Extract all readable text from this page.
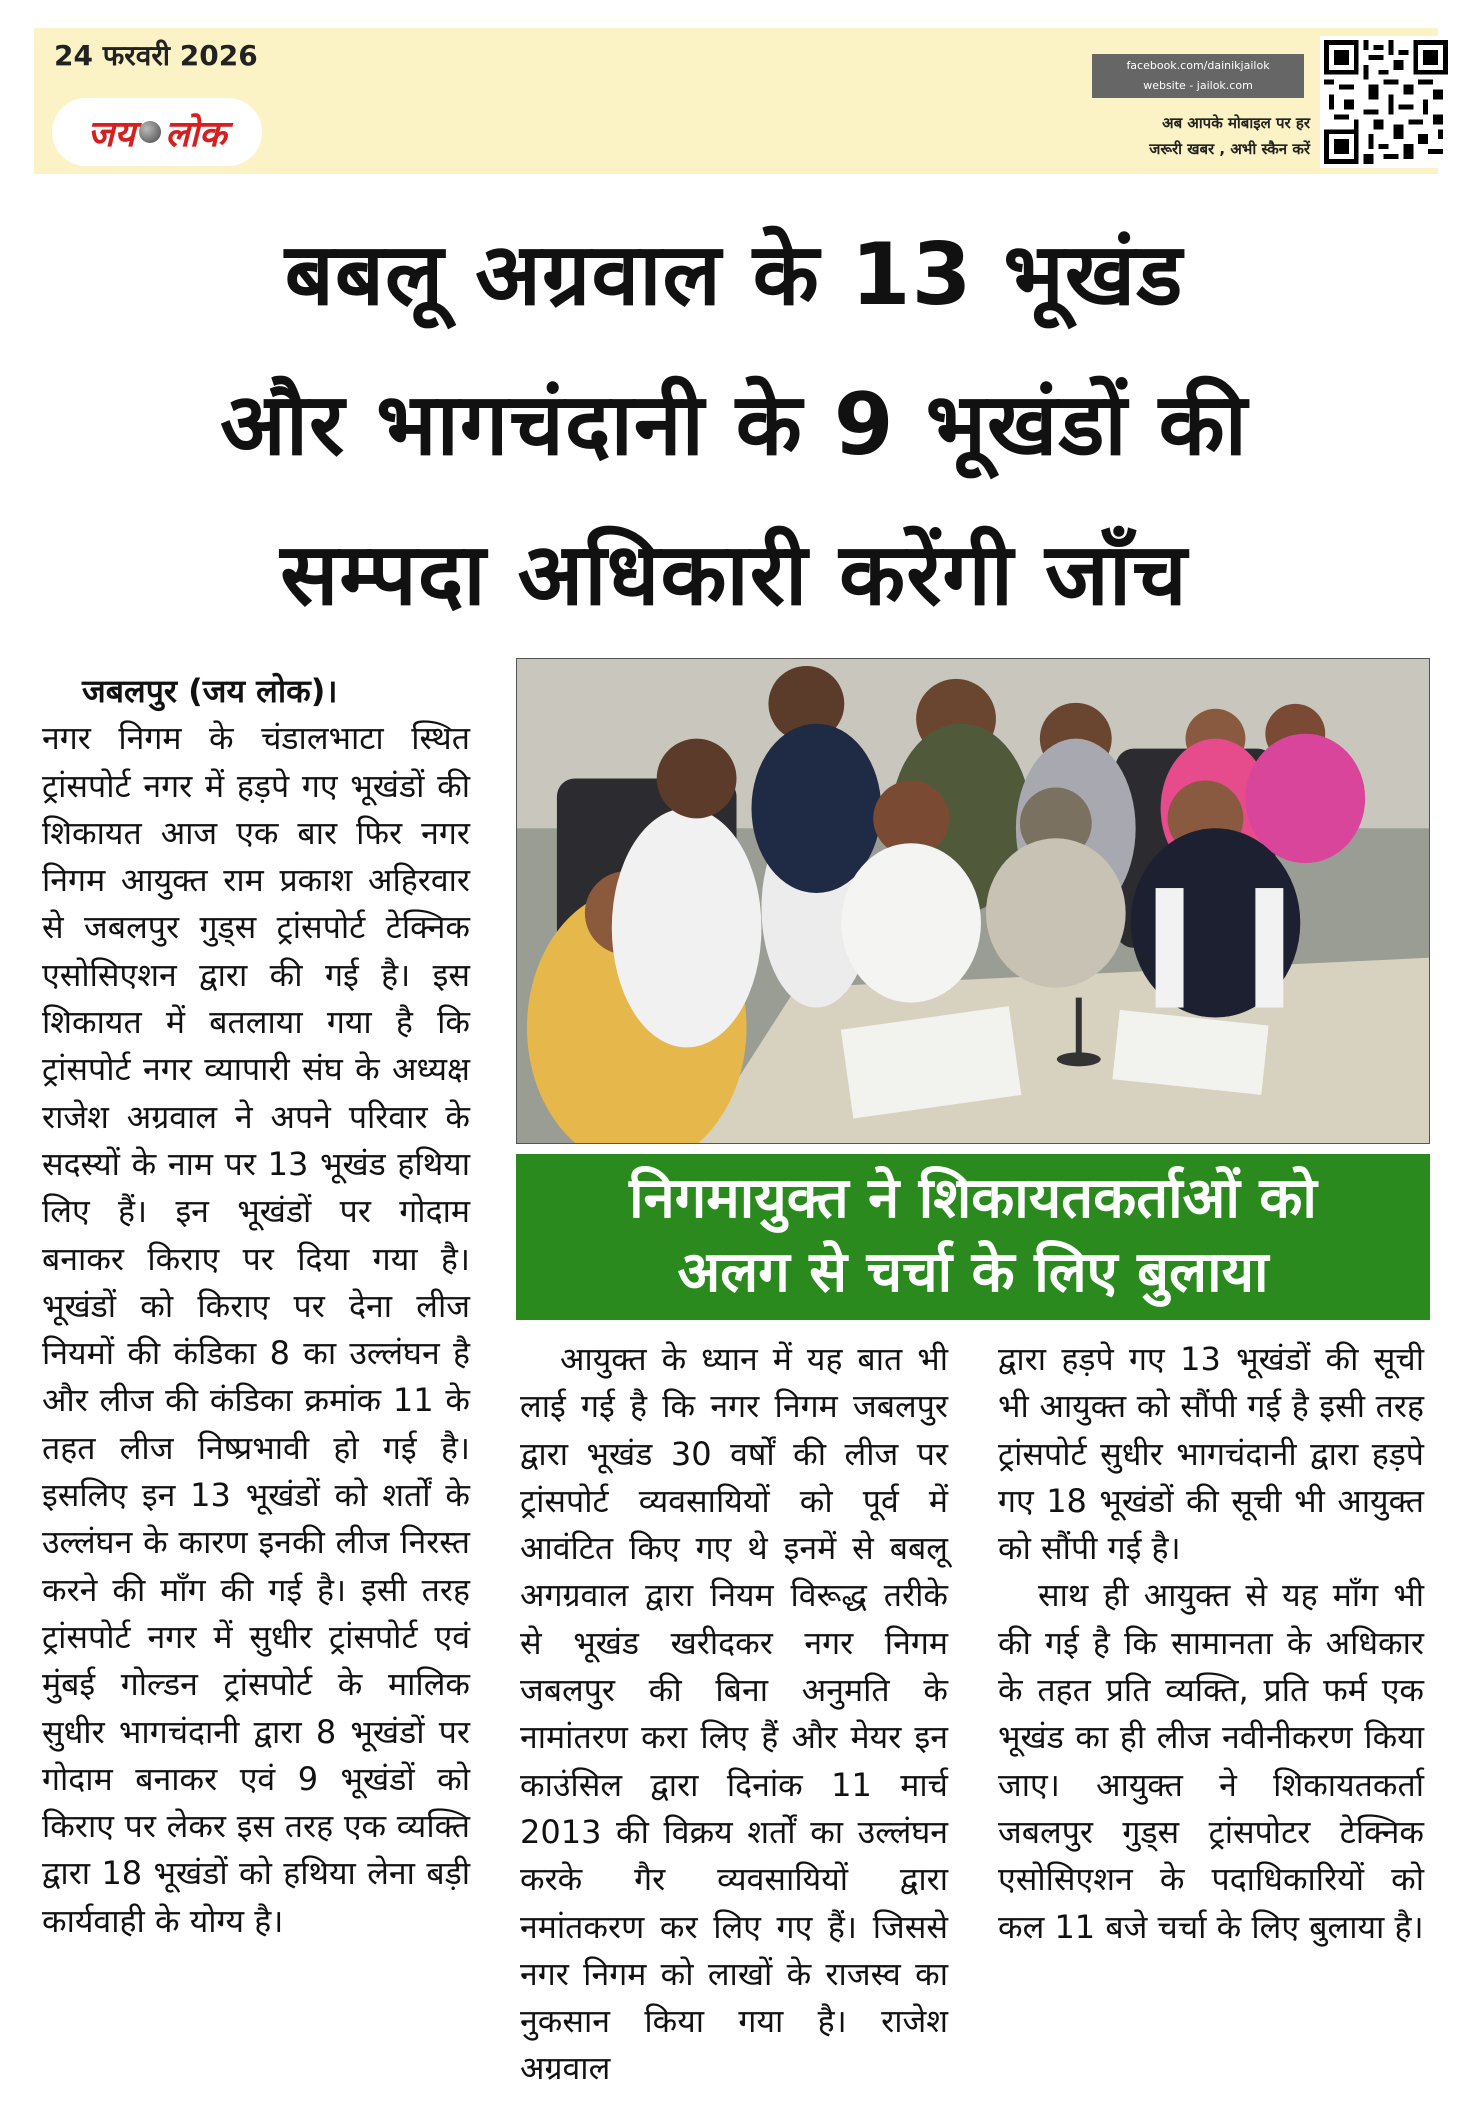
24 फरवरी 2026
जय लोक
facebook.com/dainikjailok
website - jailok.com
अब आपके मोबाइल पर हर
जरूरी खबर , अभी स्कैन करें
बबलू अग्रवाल के 13 भूखंड
और भागचंदानी के 9 भूखंडों की
सम्पदा अधिकारी करेंगी जाँच

जबलपुर (जय लोक)।
नगर निगम के चंडालभाटा स्थित ट्रांसपोर्ट नगर में हड़पे गए भूखंडों की शिकायत आज एक बार फिर नगर निगम आयुक्त राम प्रकाश अहिरवार से जबलपुर गुड्स ट्रांसपोर्ट टेक्निक एसोसिएशन द्वारा की गई है। इस शिकायत में बतलाया गया है कि ट्रांसपोर्ट नगर व्यापारी संघ के अध्यक्ष राजेश अग्रवाल ने अपने परिवार के सदस्यों के नाम पर 13 भूखंड हथिया लिए हैं। इन भूखंडों पर गोदाम बनाकर किराए पर दिया गया है। भूखंडों को किराए पर देना लीज नियमों की कंडिका 8 का उल्लंघन है और लीज की कंडिका क्रमांक 11 के तहत लीज निष्प्रभावी हो गई है। इसलिए इन 13 भूखंडों को शर्तों के उल्लंघन के कारण इनकी लीज निरस्त करने की माँग की गई है। इसी तरह ट्रांसपोर्ट नगर में सुधीर ट्रांसपोर्ट एवं मुंबई गोल्डन ट्रांसपोर्ट के मालिक सुधीर भागचंदानी द्वारा 8 भूखंडों पर गोदाम बनाकर एवं 9 भूखंडों को किराए पर लेकर इस तरह एक व्यक्ति द्वारा 18 भूखंडों को हथिया लेना बड़ी कार्यवाही के योग्य है।

निगमायुक्त ने शिकायतकर्ताओं को
अलग से चर्चा के लिए बुलाया

आयुक्त के ध्यान में यह बात भी लाई गई है कि नगर निगम जबलपुर द्वारा भूखंड 30 वर्षों की लीज पर ट्रांसपोर्ट व्यवसायियों को पूर्व में आवंटित किए गए थे इनमें से बबलू अगग्रवाल द्वारा नियम विरूद्ध तरीके से भूखंड खरीदकर नगर निगम जबलपुर की बिना अनुमति के नामांतरण करा लिए हैं और मेयर इन काउंसिल द्वारा दिनांक 11 मार्च 2013 की विक्रय शर्तों का उल्लंघन करके गैर व्यवसायियों द्वारा नमांतकरण कर लिए गए हैं। जिससे नगर निगम को लाखों के राजस्व का नुकसान किया गया है। राजेश अग्रवाल

द्वारा हड़पे गए 13 भूखंडों की सूची भी आयुक्त को सौंपी गई है इसी तरह ट्रांसपोर्ट सुधीर भागचंदानी द्वारा हड़पे गए 18 भूखंडों की सूची भी आयुक्त को सौंपी गई है।
साथ ही आयुक्त से यह माँग भी की गई है कि सामानता के अधिकार के तहत प्रति व्यक्ति, प्रति फर्म एक भूखंड का ही लीज नवीनीकरण किया जाए। आयुक्त ने शिकायतकर्ता जबलपुर गुड्स ट्रांसपोटर टेक्निक एसोसिएशन के पदाधिकारियों को कल 11 बजे चर्चा के लिए बुलाया है।
